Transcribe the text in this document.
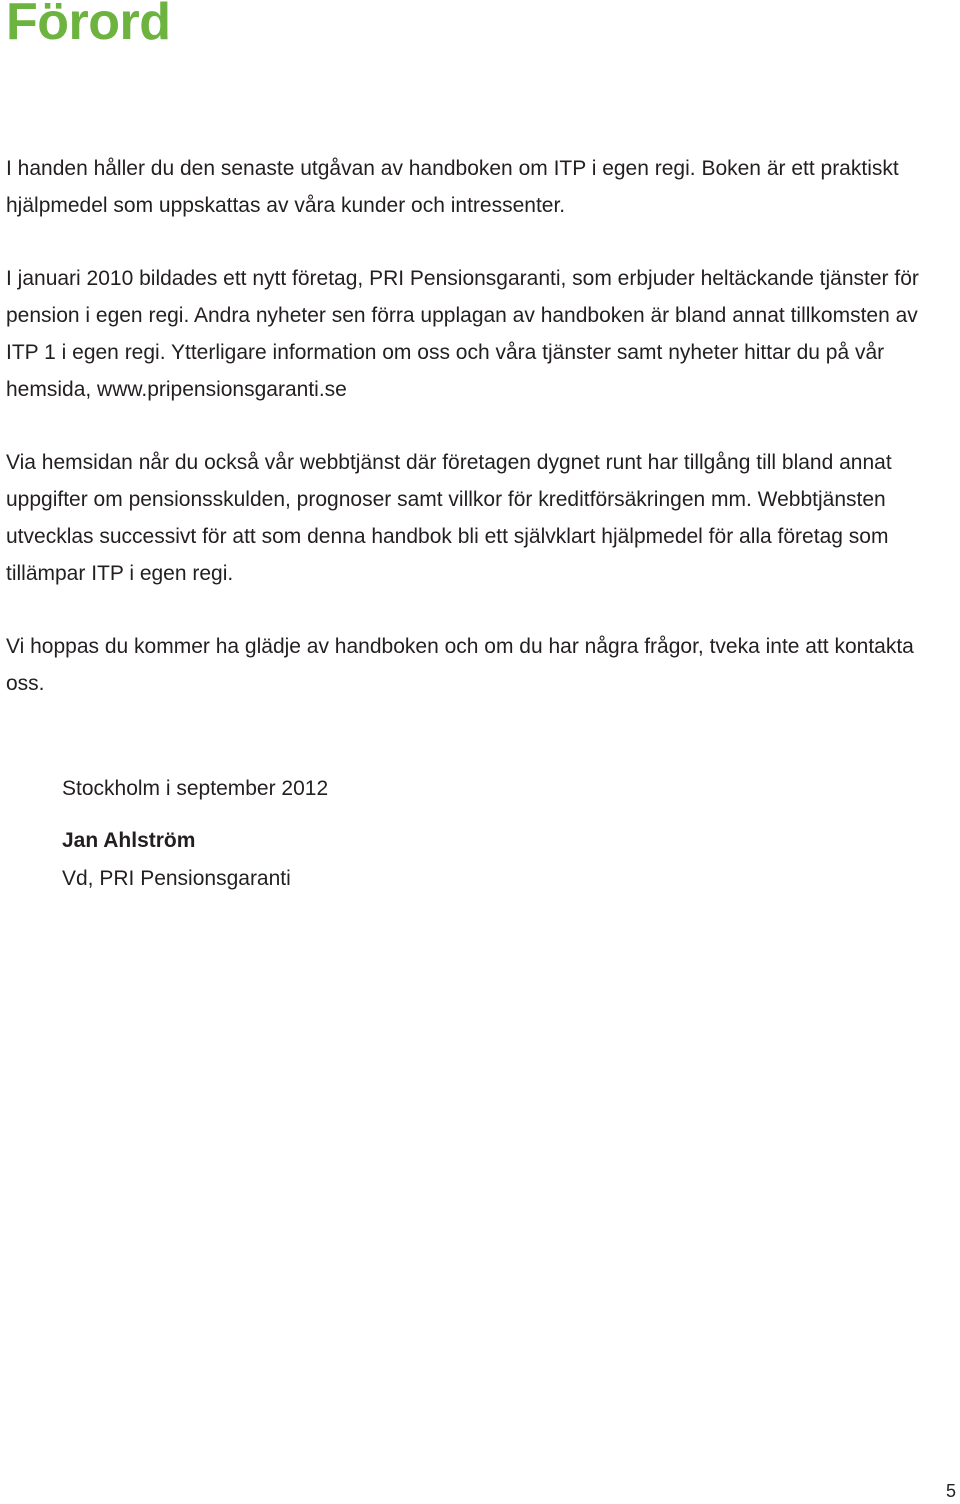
Förord

I handen håller du den senaste utgåvan av handboken om ITP i egen regi. Boken är ett praktiskt hjälpmedel som uppskattas av våra kunder och intressenter.

I januari 2010 bildades ett nytt företag, PRI Pensionsgaranti, som erbjuder heltäckande tjänster för pension i egen regi. Andra nyheter sen förra upplagan av handboken är bland annat tillkomsten av ITP 1 i egen regi. Ytterligare information om oss och våra tjänster samt nyheter hittar du på vår hemsida, www.pripensionsgaranti.se

Via hemsidan når du också vår webbtjänst där företagen dygnet runt har tillgång till bland annat uppgifter om pensionsskulden, prognoser samt villkor för kreditförsäkringen mm. Webbtjänsten utvecklas successivt för att som denna handbok bli ett självklart hjälpmedel för alla företag som tillämpar ITP i egen regi.

Vi hoppas du kommer ha glädje av handboken och om du har några frågor, tveka inte att kontakta oss.

Stockholm i september 2012

Jan Ahlström

Vd, PRI Pensionsgaranti

5
